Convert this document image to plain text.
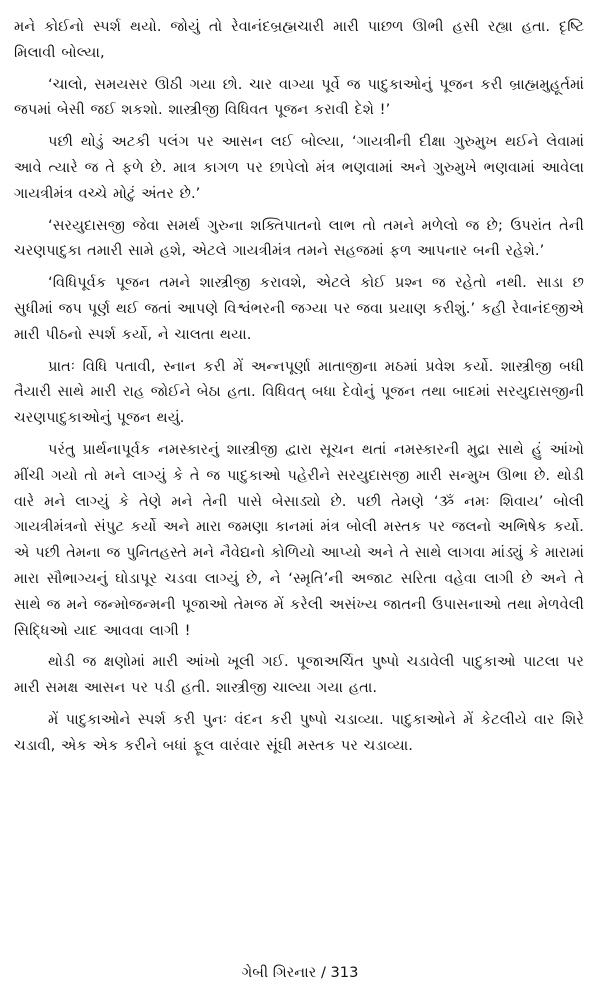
મને કોઈનો સ્પર્શ થયો. જોયું તો રેવાનંદબ્રહ્મચારી મારી પાછળ ઊભી હસી રહ્યા હતા. દૃષ્ટિ મિલાવી બોલ્યા,

‘ચાલો, સમયસર ઊઠી ગયા છો. ચાર વાગ્યા પૂર્વે જ પાદુકાઓનું પૂજન કરી બ્રાહ્મમુહૂર્તમાં જપમાં બેસી જઈ શકશો. શાસ્ત્રીજી વિધિવત પૂજન કરાવી દેશે !’

પછી થોડું અટકી પલંગ પર આસન લઈ બોલ્યા, ‘ગાયત્રીની દીક્ષા ગુરુમુખ થઈને લેવામાં આવે ત્યારે જ તે ફળે છે. માત્ર કાગળ પર છાપેલો મંત્ર ભણવામાં અને ગુરુમુખે ભણવામાં આવેલા ગાયત્રીમંત્ર વચ્ચે મોટું અંતર છે.’

‘સરયુદાસજી જેવા સમર્થ ગુરુના શક્તિપાતનો લાભ તો તમને મળેલો જ છે; ઉપરાંત તેની ચરણપાદુકા તમારી સામે હશે, એટલે ગાયત્રીમંત્ર તમને સહજમાં ફળ આપનાર બની રહેશે.’

‘વિધિપૂર્વક પૂજન તમને શાસ્ત્રીજી કરાવશે, એટલે કોઈ પ્રશ્ન જ રહેતો નથી. સાડા છ સુધીમાં જપ પૂર્ણ થઈ જતાં આપણે વિશ્વંભરની જગ્યા પર જવા પ્રયાણ કરીશું.’ કહી રેવાનંદજીએ મારી પીઠનો સ્પર્શ કર્યો, ને ચાલતા થયા.

પ્રાતઃ વિધિ પતાવી, સ્નાન કરી મેં અન્નપૂર્ણા માતાજીના મઠમાં પ્રવેશ કર્યો. શાસ્ત્રીજી બધી તૈયારી સાથે મારી રાહ જોઈને બેઠા હતા. વિધિવત્ બધા દેવોનું પૂજન તથા બાદમાં સરયુદાસજીની ચરણપાદુકાઓનું પૂજન થયું.

પરંતુ પ્રાર્થનાપૂર્વક નમસ્કારનું શાસ્ત્રીજી દ્વારા સૂચન થતાં નમસ્કારની મુદ્રા સાથે હું આંખો મીંચી ગયો તો મને લાગ્યું કે તે જ પાદુકાઓ પહેરીને સરયુદાસજી મારી સન્મુખ ઊભા છે. થોડી વારે મને લાગ્યું કે તેણે મને તેની પાસે બેસાડ્યો છે. પછી તેમણે ‘ૐ નમઃ શિવાય’ બોલી ગાયત્રીમંત્રનો સંપુટ કર્યો અને મારા જમણા કાનમાં મંત્ર બોલી મસ્તક પર જલનો અભિષેક કર્યો. એ પછી તેમના જ પુનિતહસ્તે મને નૈવેદ્યનો કોળિયો આપ્યો અને તે સાથે લાગવા માંડ્યું કે મારામાં મારા સૌભાગ્યનું ઘોડાપૂર ચડવા લાગ્યું છે, ને ‘સ્મૃતિ’ની અજાટ સરિતા વહેવા લાગી છે અને તે સાથે જ મને જન્મોજન્મની પૂજાઓ તેમજ મેં કરેલી અસંખ્ય જાતની ઉપાસનાઓ તથા મેળવેલી સિદ્ધિઓ યાદ આવવા લાગી !

થોડી જ ક્ષણોમાં મારી આંખો ખૂલી ગઈ. પૂજાઅર્ચિત પુષ્પો ચડાવેલી પાદુકાઓ પાટલા પર મારી સમક્ષ આસન પર પડી હતી. શાસ્ત્રીજી ચાલ્યા ગયા હતા.

મેં પાદુકાઓને સ્પર્શ કરી પુનઃ વંદન કરી પુષ્પો ચડાવ્યા. પાદુકાઓને મેં કેટલીયે વાર શિરે ચડાવી, એક એક કરીને બધાં ફૂલ વારંવાર સૂંઘી મસ્તક પર ચડાવ્યા.

ગેબી ગિરનાર / 313
